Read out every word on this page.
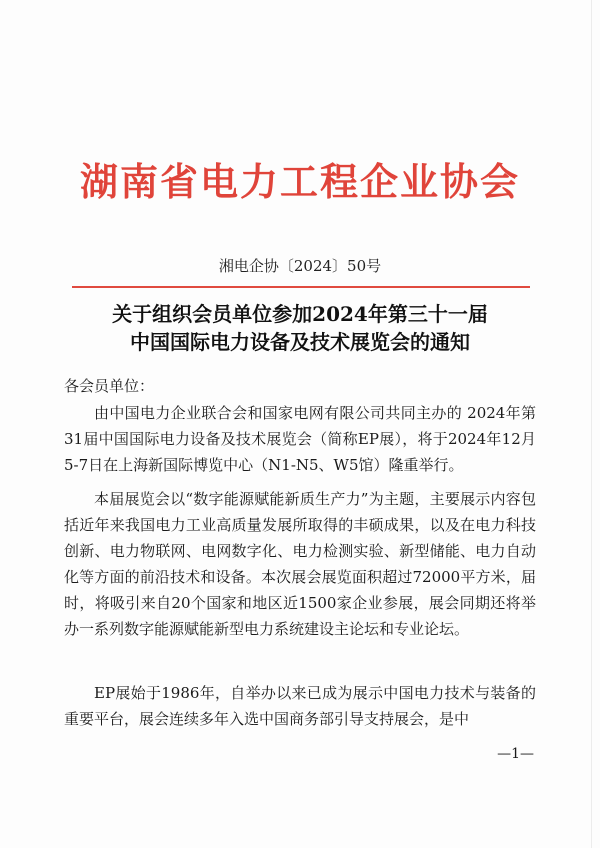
湖南省电力工程企业协会
湘电企协〔2024〕50号
关于组织会员单位参加2024年第三十一届
中国国际电力设备及技术展览会的通知
各会员单位：

由中国电力企业联合会和国家电网有限公司共同主办的 2024年第31届中国国际电力设备及技术展览会（简称EP展），将于2024年12月5-7日在上海新国际博览中心（N1-N5、W5馆）隆重举行。

本届展览会以“数字能源赋能新质生产力”为主题，主要展示内容包括近年来我国电力工业高质量发展所取得的丰硕成果，以及在电力科技创新、电力物联网、电网数字化、电力检测实验、新型储能、电力自动化等方面的前沿技术和设备。本次展会展览面积超过72000平方米，届时，将吸引来自20个国家和地区近1500家企业参展，展会同期还将举办一系列数字能源赋能新型电力系统建设主论坛和专业论坛。

EP展始于1986年，自举办以来已成为展示中国电力技术与装备的重要平台，展会连续多年入选中国商务部引导支持展会，是中

—1—
